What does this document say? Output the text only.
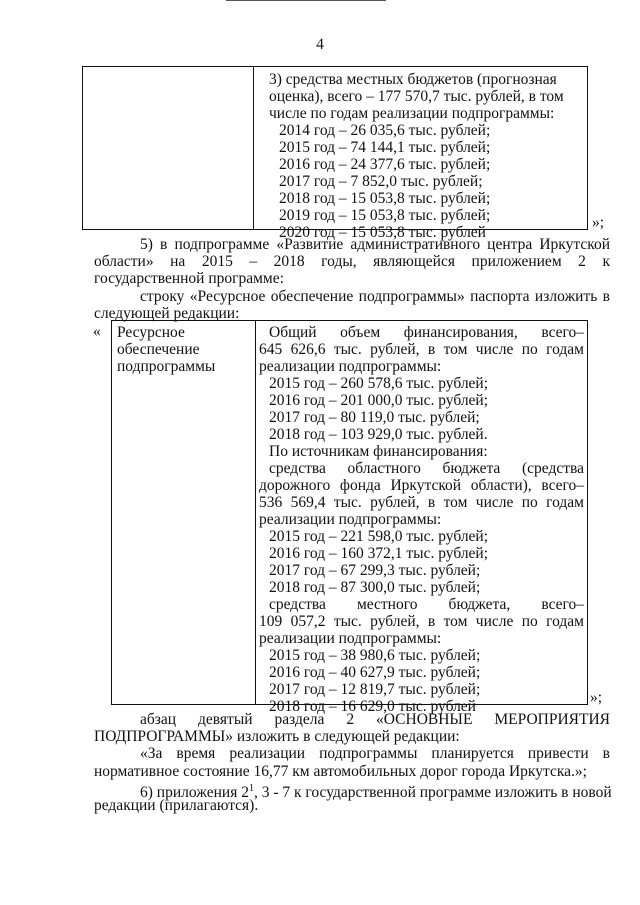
4
3) средства местных бюджетов (прогнозная
оценка), всего – 177 570,7 тыс. рублей, в том
числе по годам реализации подпрограммы:
2014 год – 26 035,6 тыс. рублей;
2015 год – 74 144,1 тыс. рублей;
2016 год – 24 377,6 тыс. рублей;
2017 год – 7 852,0 тыс. рублей;
2018 год – 15 053,8 тыс. рублей;
2019 год – 15 053,8 тыс. рублей;
2020 год – 15 053,8 тыс. рублей
»;
5) в подпрограмме «Развитие административного центра Иркутской
области» на 2015 – 2018 годы, являющейся приложением 2 к
государственной программе:
строку «Ресурсное обеспечение подпрограммы» паспорта изложить в
следующей редакции:
« Ресурсное
обеспечение
подпрограммы
Общий объем финансирования, всего–
645 626,6 тыс. рублей, в том числе по годам
реализации подпрограммы:
2015 год – 260 578,6 тыс. рублей;
2016 год – 201 000,0 тыс. рублей;
2017 год – 80 119,0 тыс. рублей;
2018 год – 103 929,0 тыс. рублей.
По источникам финансирования:
средства областного бюджета (средства
дорожного фонда Иркутской области), всего–
536 569,4 тыс. рублей, в том числе по годам
реализации подпрограммы:
2015 год – 221 598,0 тыс. рублей;
2016 год – 160 372,1 тыс. рублей;
2017 год – 67 299,3 тыс. рублей;
2018 год – 87 300,0 тыс. рублей;
средства местного бюджета, всего–
109 057,2 тыс. рублей, в том числе по годам
реализации подпрограммы:
2015 год – 38 980,6 тыс. рублей;
2016 год – 40 627,9 тыс. рублей;
2017 год – 12 819,7 тыс. рублей;
2018 год – 16 629,0 тыс. рублей
»;
абзац девятый раздела 2 «ОСНОВНЫЕ МЕРОПРИЯТИЯ
ПОДПРОГРАММЫ» изложить в следующей редакции:
«За время реализации подпрограммы планируется привести в
нормативное состояние 16,77 км автомобильных дорог города Иркутска.»;
6) приложения $2^1$, 3 - 7 к государственной программе изложить в новой
редакции (прилагаются).
